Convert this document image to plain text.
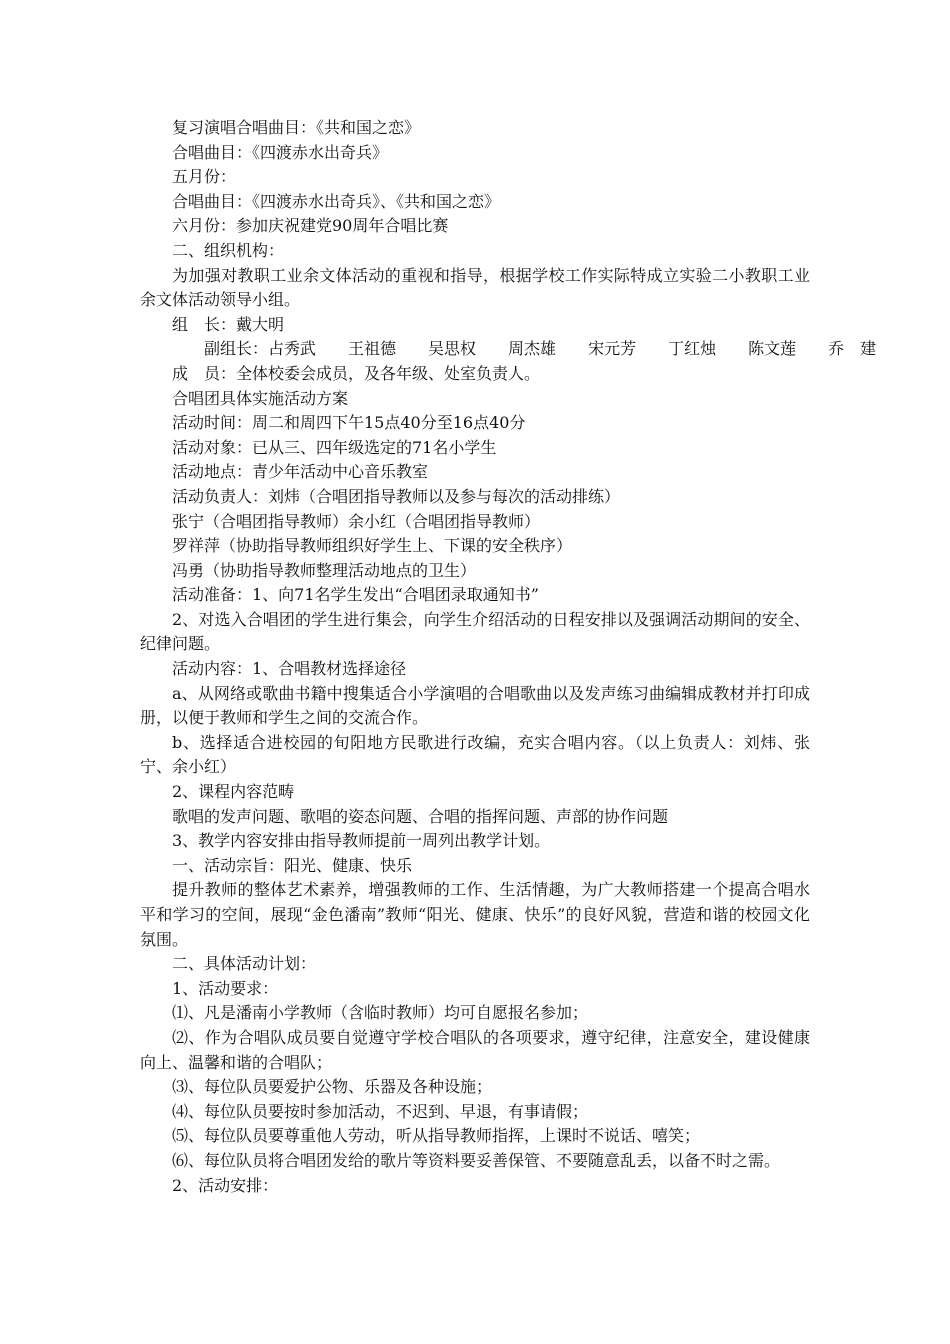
复习演唱合唱曲目：《共和国之恋》

合唱曲目：《四渡赤水出奇兵》

五月份：

合唱曲目：《四渡赤水出奇兵》、《共和国之恋》

六月份：参加庆祝建党90周年合唱比赛

二、组织机构：

为加强对教职工业余文体活动的重视和指导，根据学校工作实际特成立实验二小教职工业余文体活动领导小组。

组　长：戴大明

副组长：占秀武	王祖德	吴思权	周杰雄	宋元芳	丁红烛	陈文莲	乔　建

成　员：全体校委会成员，及各年级、处室负责人。

合唱团具体实施活动方案

活动时间：周二和周四下午15点40分至16点40分

活动对象：已从三、四年级选定的71名小学生

活动地点：青少年活动中心音乐教室

活动负责人：刘炜（合唱团指导教师以及参与每次的活动排练）

张宁（合唱团指导教师）余小红（合唱团指导教师）

罗祥萍（协助指导教师组织好学生上、下课的安全秩序）

冯勇（协助指导教师整理活动地点的卫生）

活动准备：1、向71名学生发出“合唱团录取通知书”

2、对选入合唱团的学生进行集会，向学生介绍活动的日程安排以及强调活动期间的安全、纪律问题。

活动内容：1、合唱教材选择途径

a、从网络或歌曲书籍中搜集适合小学演唱的合唱歌曲以及发声练习曲编辑成教材并打印成册，以便于教师和学生之间的交流合作。

b、选择适合进校园的旬阳地方民歌进行改编，充实合唱内容。（以上负责人：刘炜、张宁、余小红）

2、课程内容范畴

歌唱的发声问题、歌唱的姿态问题、合唱的指挥问题、声部的协作问题

3、教学内容安排由指导教师提前一周列出教学计划。

一、活动宗旨：阳光、健康、快乐

提升教师的整体艺术素养，增强教师的工作、生活情趣，为广大教师搭建一个提高合唱水平和学习的空间，展现“金色潘南”教师“阳光、健康、快乐”的良好风貌，营造和谐的校园文化氛围。

二、具体活动计划：

1、活动要求：

⑴、凡是潘南小学教师（含临时教师）均可自愿报名参加；

⑵、作为合唱队成员要自觉遵守学校合唱队的各项要求，遵守纪律，注意安全，建设健康向上、温馨和谐的合唱队；

⑶、每位队员要爱护公物、乐器及各种设施；

⑷、每位队员要按时参加活动，不迟到、早退，有事请假；

⑸、每位队员要尊重他人劳动，听从指导教师指挥，上课时不说话、嘻笑；

⑹、每位队员将合唱团发给的歌片等资料要妥善保管、不要随意乱丢，以备不时之需。

2、活动安排：
